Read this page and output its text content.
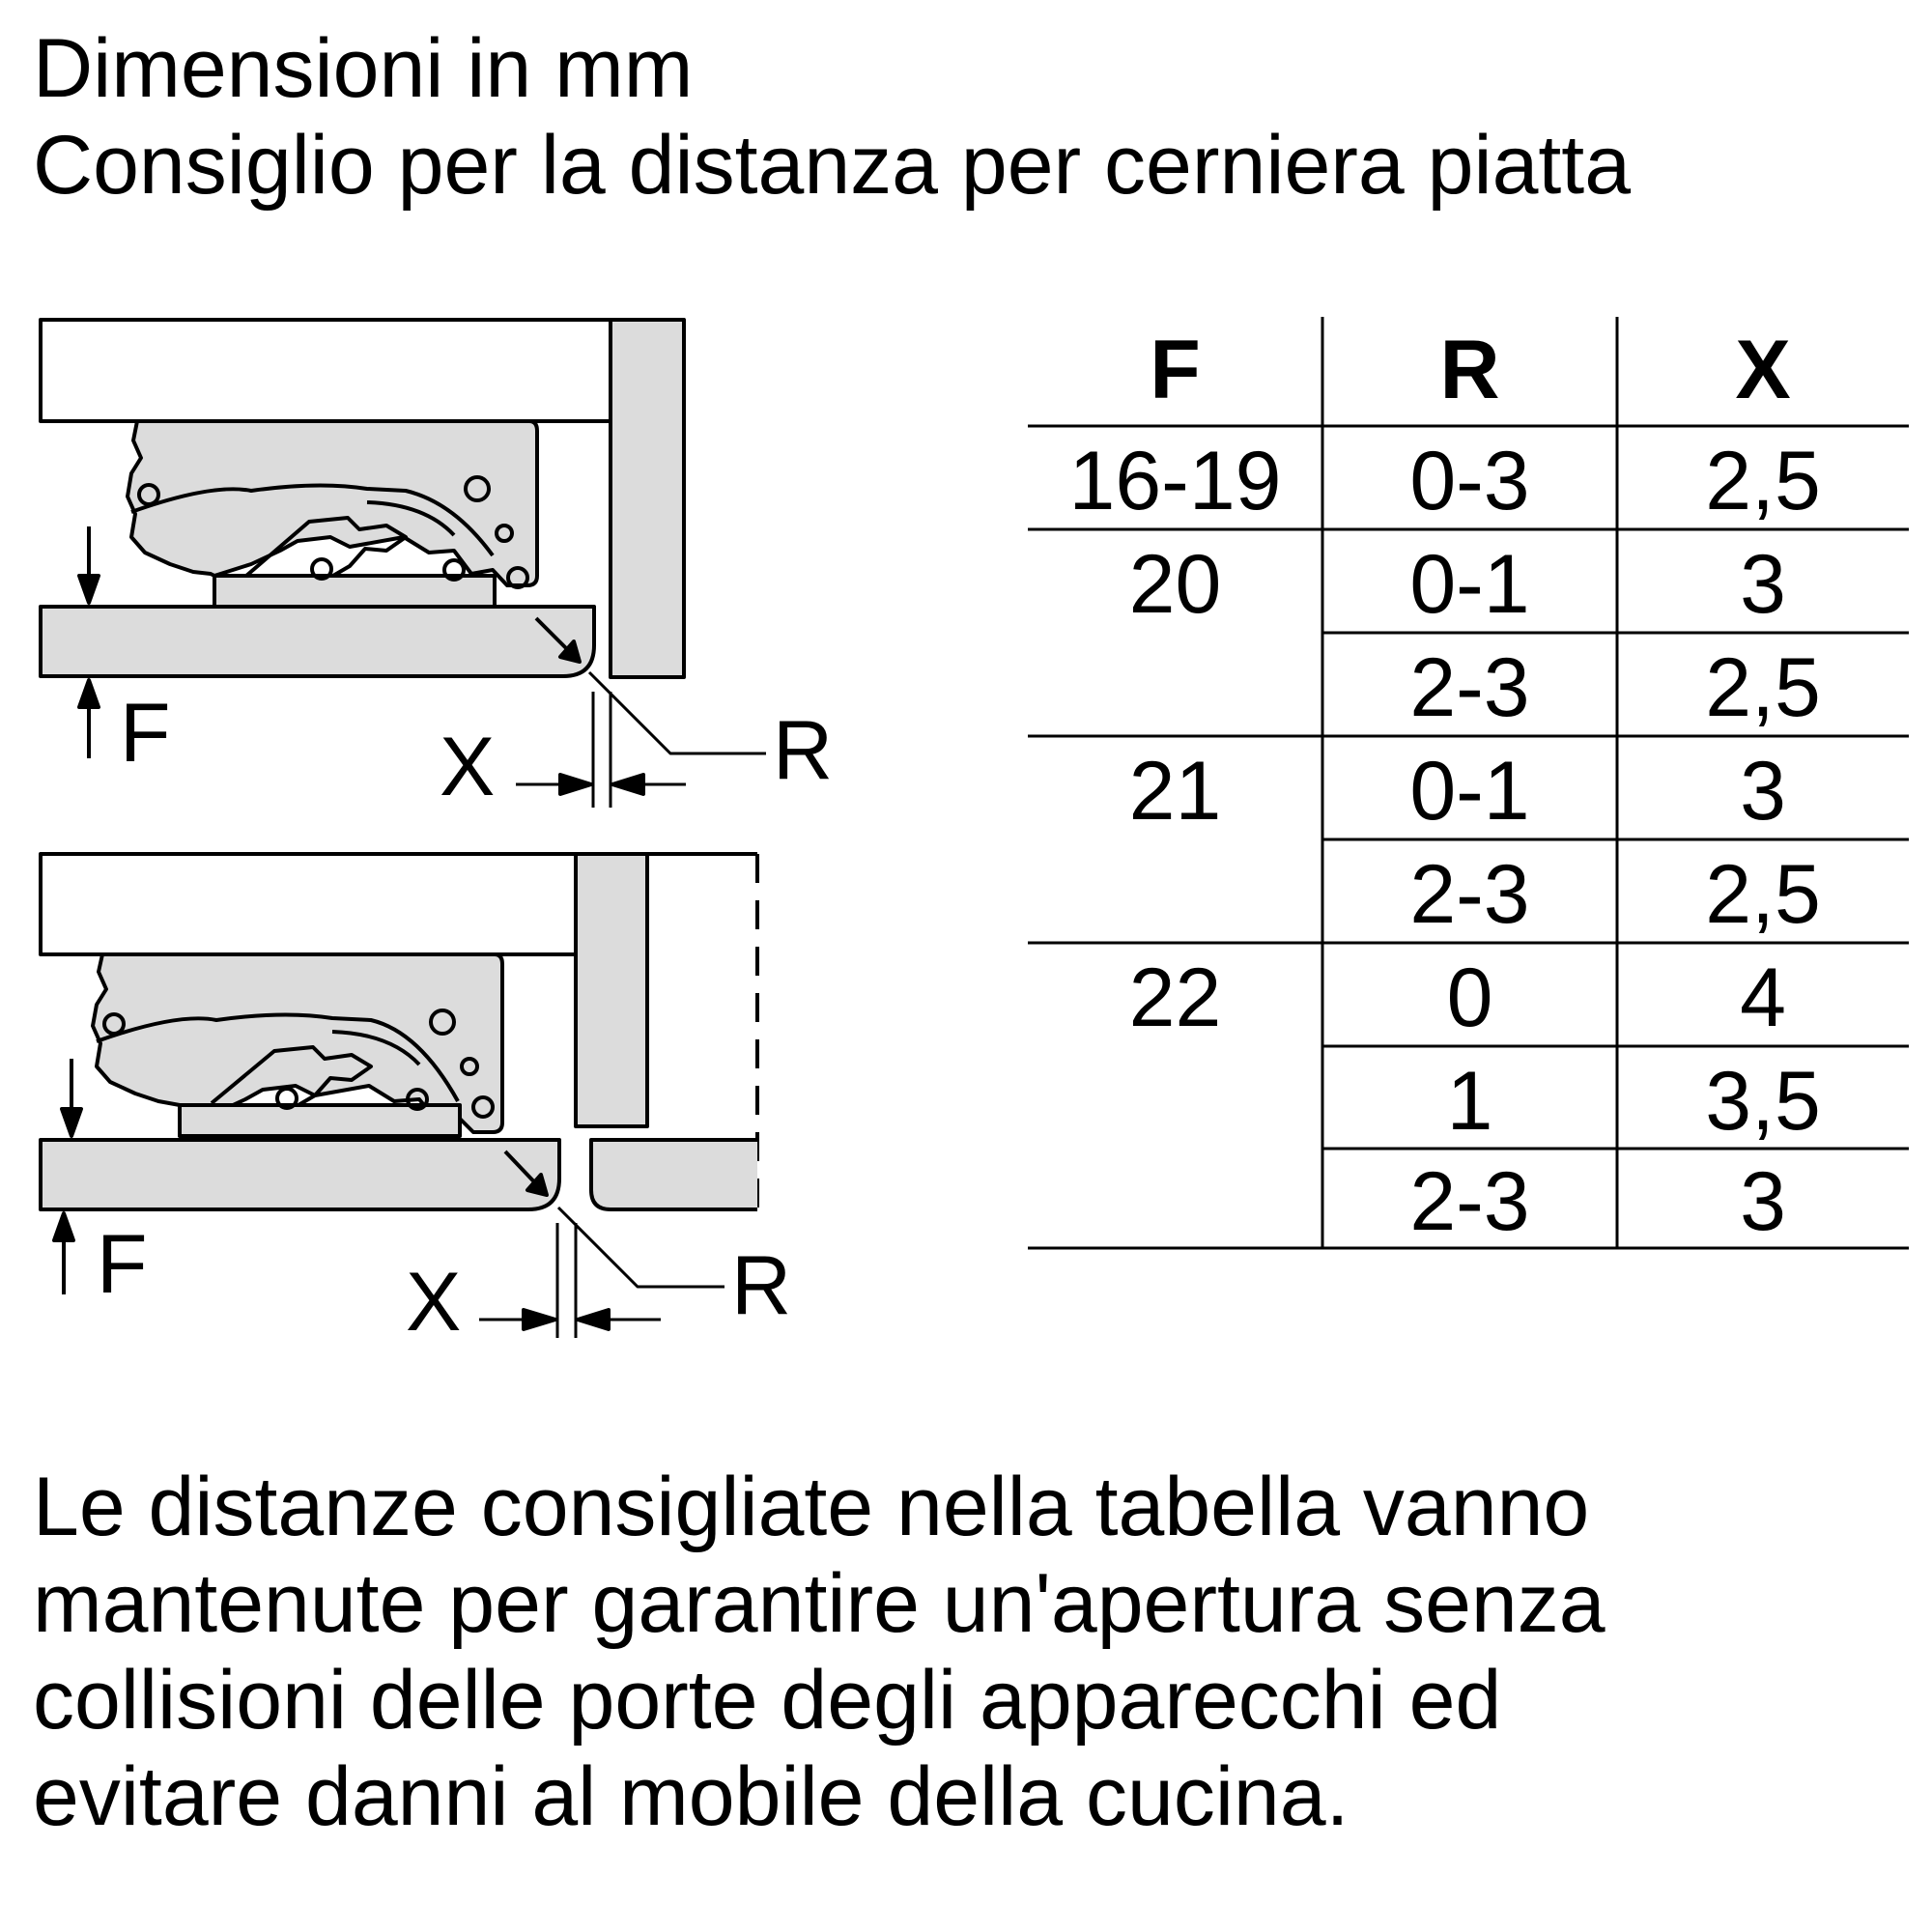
Dimensioni in mm
Consiglio per la distanza per cerniera piatta
F	R
X
F	R
X
F	R	X
16-19	0-3	2,5
20	0-1	3
2-3	2,5
21	0-1	3
2-3	2,5
22	0	4
1	3,5
2-3	3

Le distanze consigliate nella tabella vanno
mantenute per garantire un'apertura senza
collisioni delle porte degli apparecchi ed
evitare danni al mobile della cucina.
